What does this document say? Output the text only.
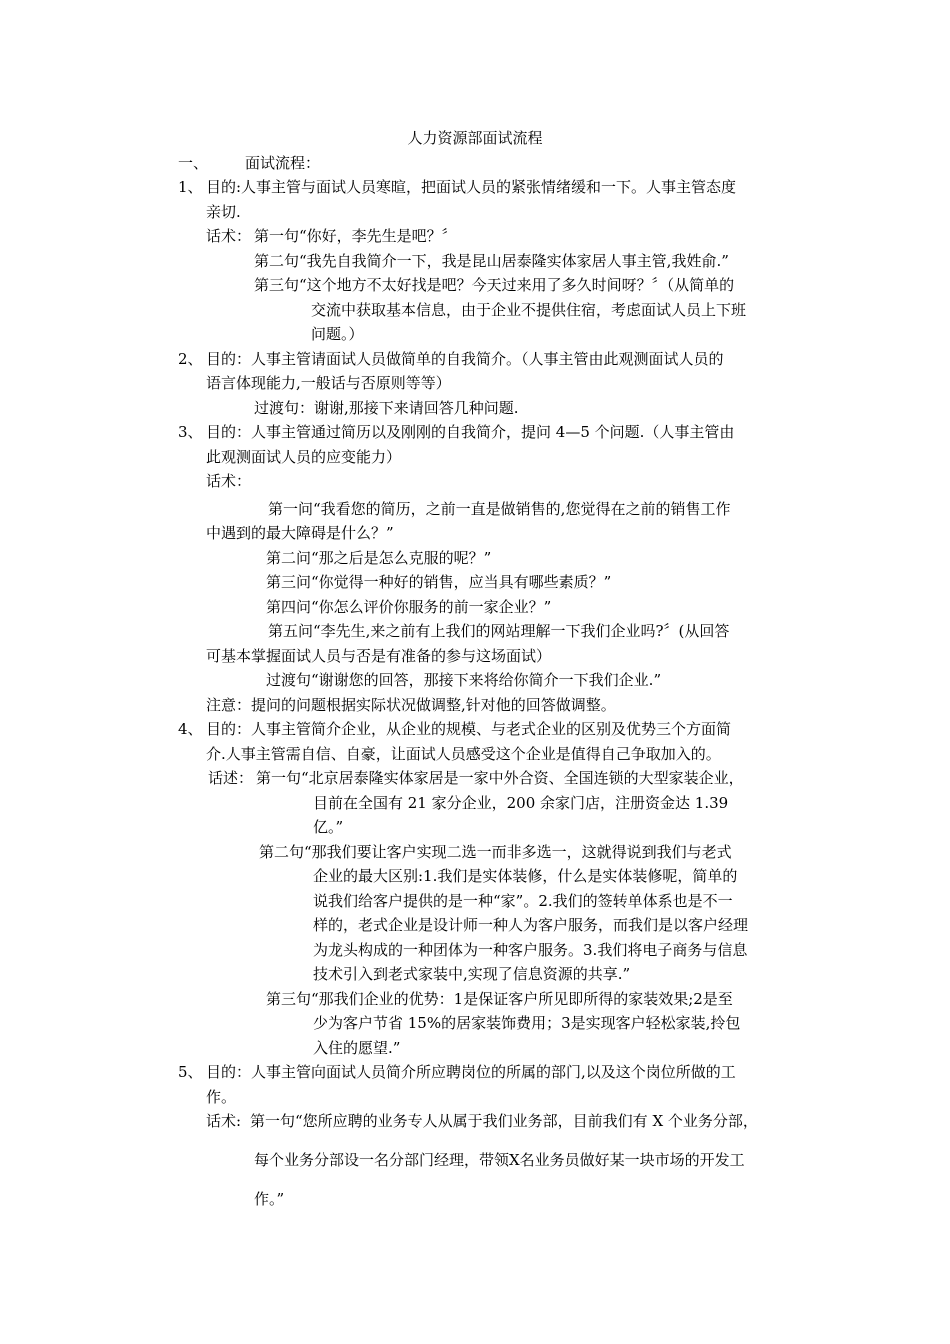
人力资源部面试流程
一、 面试流程：
1、 目的:人事主管与面试人员寒暄，把面试人员的紧张情绪缓和一下。人事主管态度
亲切.
话术： 第一句“你好，李先生是吧？〞
第二句“我先自我简介一下，我是昆山居泰隆实体家居人事主管,我姓俞.”
第三句“这个地方不太好找是吧？今天过来用了多久时间呀？〞（从简单的
交流中获取基本信息，由于企业不提供住宿，考虑面试人员上下班
问题。）
2、 目的：人事主管请面试人员做简单的自我简介。（人事主管由此观测面试人员的
语言体现能力,一般话与否原则等等）
过渡句：谢谢,那接下来请回答几种问题.
3、 目的：人事主管通过简历以及刚刚的自我简介，提问 4—5 个问题.（人事主管由
此观测面试人员的应变能力）
话术：
第一问“我看您的简历，之前一直是做销售的,您觉得在之前的销售工作
中遇到的最大障碍是什么？”
第二问“那之后是怎么克服的呢？”
第三问“你觉得一种好的销售，应当具有哪些素质？”
第四问“你怎么评价你服务的前一家企业？”
第五问“李先生,来之前有上我们的网站理解一下我们企业吗?〞(从回答
可基本掌握面试人员与否是有准备的参与这场面试）
过渡句“谢谢您的回答，那接下来将给你简介一下我们企业.”
注意：提问的问题根据实际状况做调整,针对他的回答做调整。
4、 目的：人事主管简介企业，从企业的规模、与老式企业的区别及优势三个方面简
介.人事主管需自信、自豪，让面试人员感受这个企业是值得自己争取加入的。
话述： 第一句“北京居泰隆实体家居是一家中外合资、全国连锁的大型家装企业，
目前在全国有 21 家分企业，200 余家门店，注册资金达 1.39
亿。”
第二句“那我们要让客户实现二选一而非多选一，这就得说到我们与老式
企业的最大区别:1.我们是实体装修，什么是实体装修呢，简单的
说我们给客户提供的是一种“家”。2.我们的签转单体系也是不一
样的，老式企业是设计师一种人为客户服务，而我们是以客户经理
为龙头构成的一种团体为一种客户服务。3.我们将电子商务与信息
技术引入到老式家装中,实现了信息资源的共享.”
第三句“那我们企业的优势：1是保证客户所见即所得的家装效果;2是至
少为客户节省 15%的居家装饰费用；3是实现客户轻松家装,拎包
入住的愿望.”
5、 目的：人事主管向面试人员简介所应聘岗位的所属的部门,以及这个岗位所做的工
作。
话术: 第一句“您所应聘的业务专人从属于我们业务部，目前我们有 X 个业务分部，
每个业务分部设一名分部门经理，带领X名业务员做好某一块市场的开发工
作。”
